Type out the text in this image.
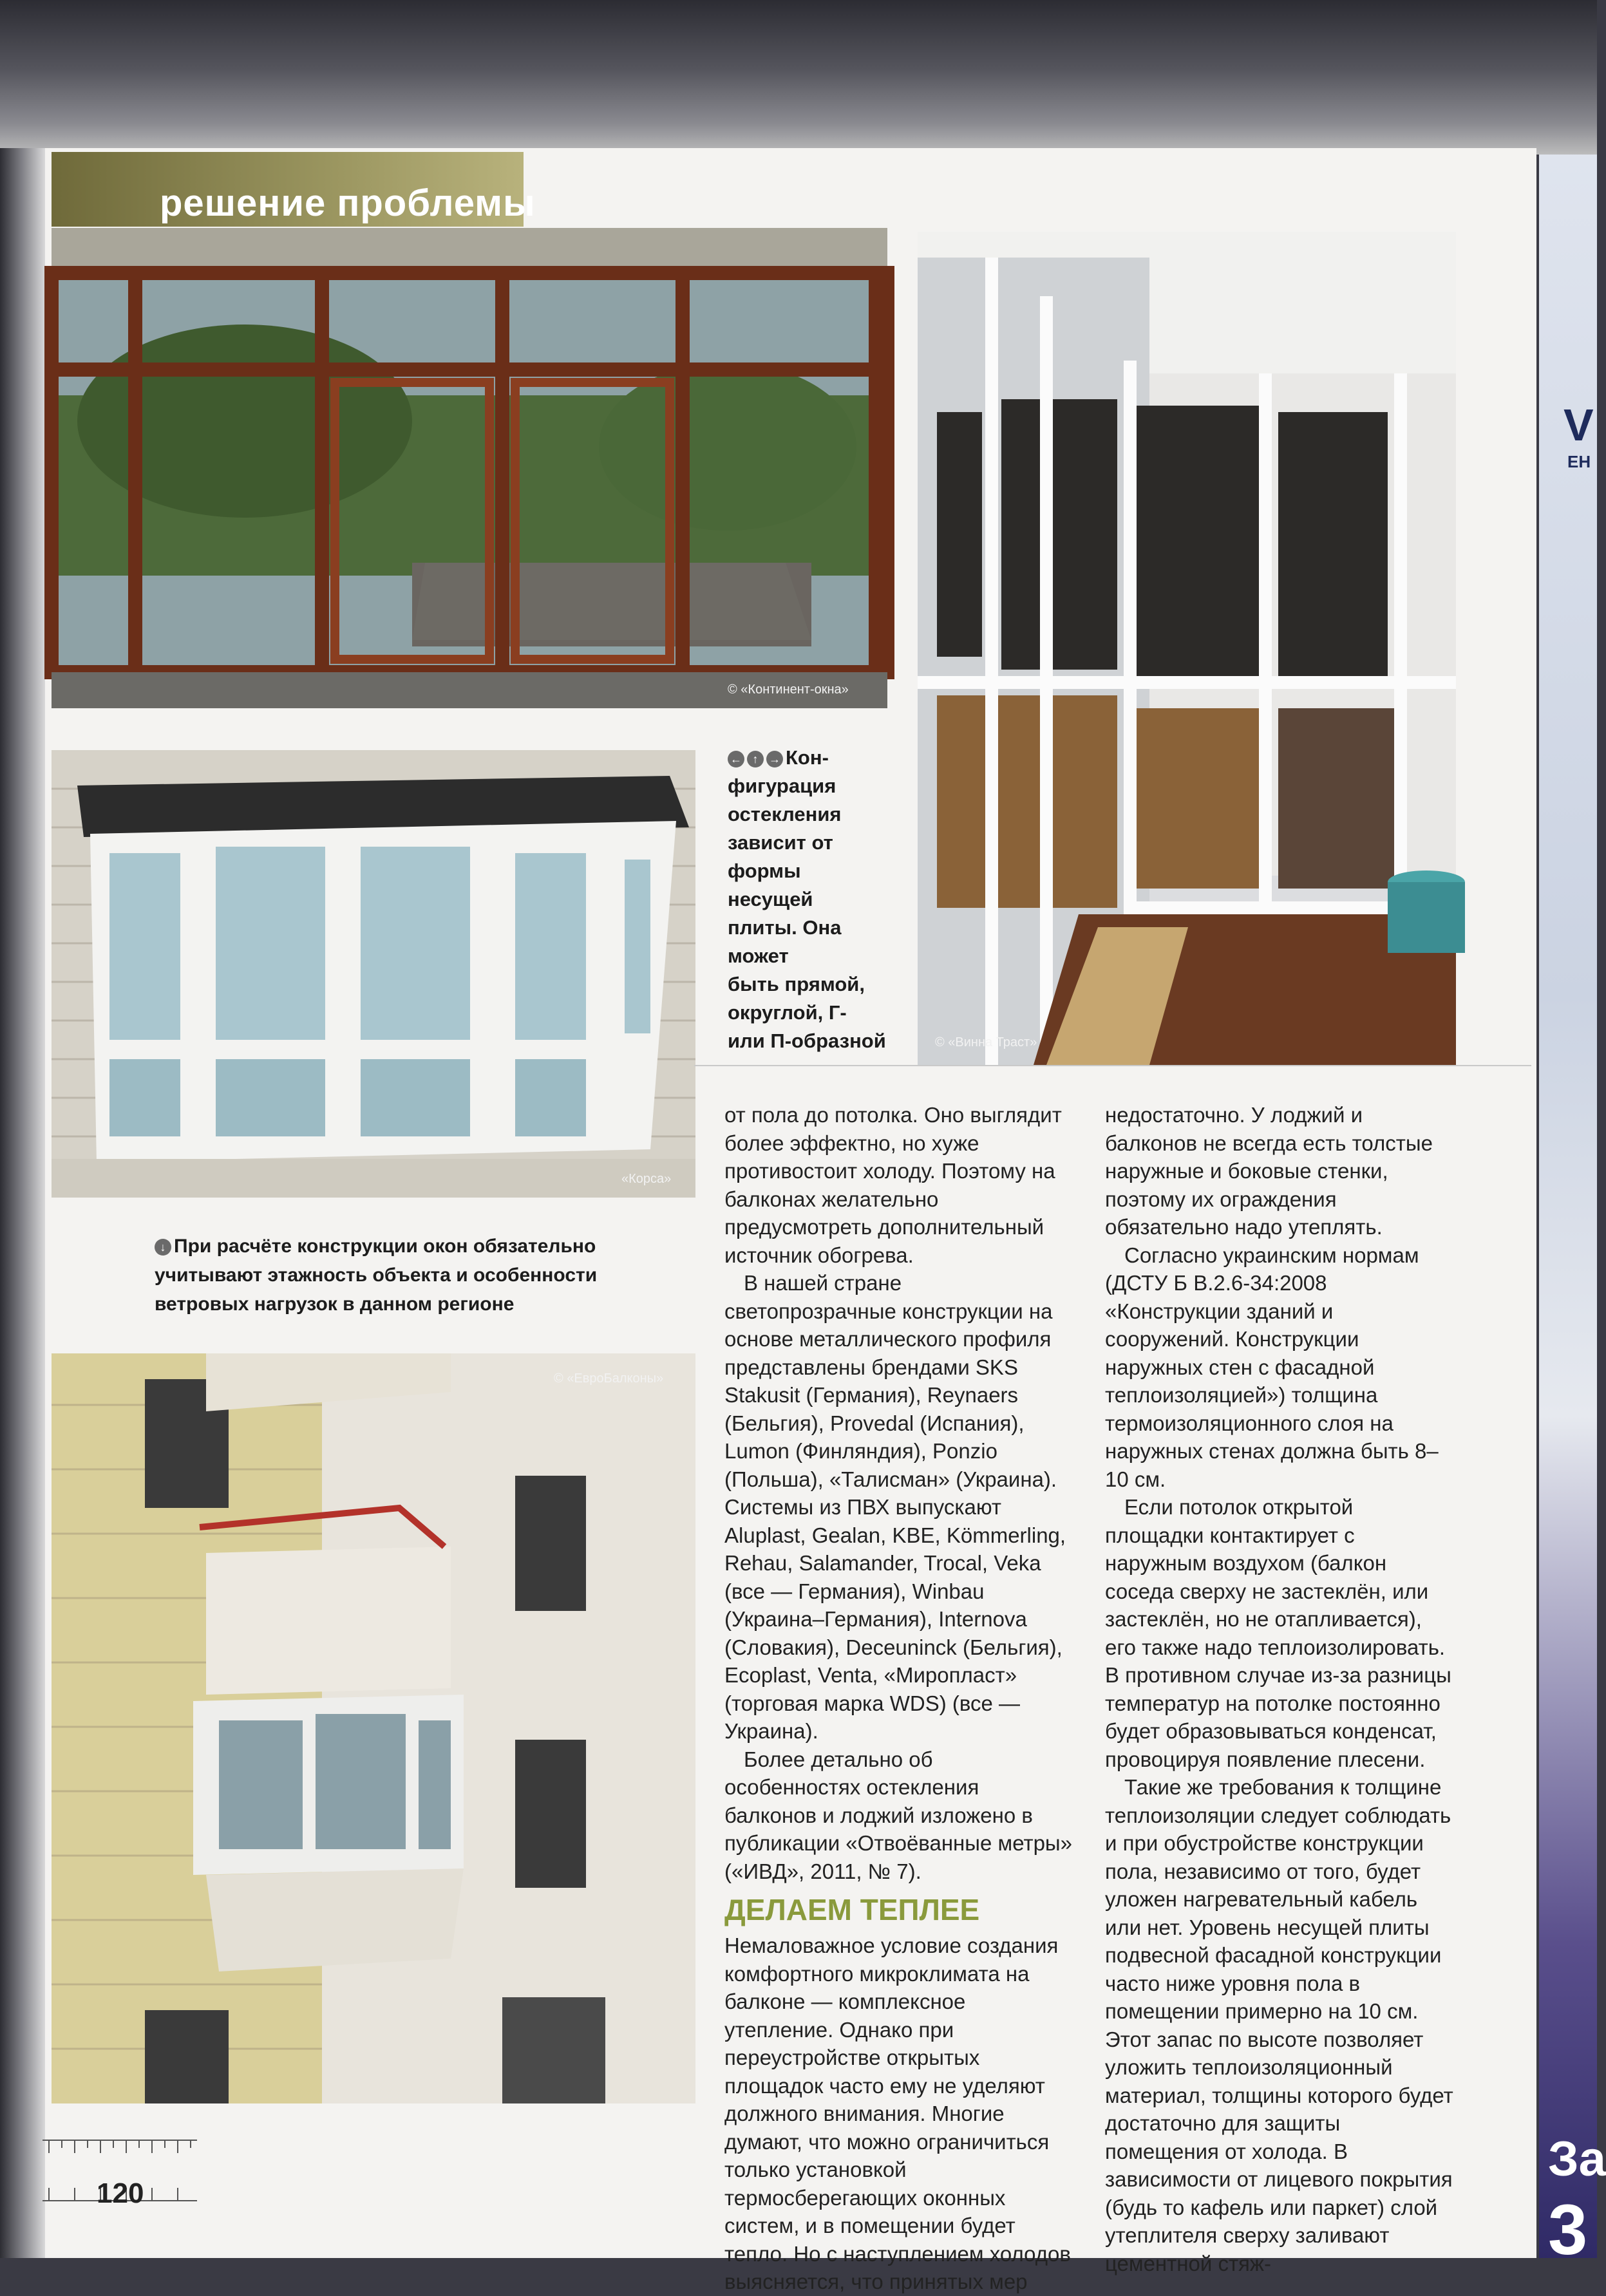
V
ЕН
За
3
решение проблемы
© «Континент-окна»
© «Винна Траст»
← ↑ → Кон-
фигурация
остекления
зависит от
формы
несущей
плиты. Она может
быть прямой,
округлой, Г-
или П-образной
«Корса»
↓ При расчёте конструкции окон обязательно
учитывают этажность объекта и особенности
ветровых нагрузок в данном регионе
© «ЕвроБалконы»

от пола до потолка. Оно выглядит более эффектно, но хуже противостоит холоду. Поэтому на балконах желательно предусмотреть дополнительный источник обогрева.

В нашей стране светопрозрачные конструкции на основе металлического профиля представлены брендами SKS Stakusit (Германия), Reynaers (Бельгия), Provedal (Испания), Lumon (Финляндия), Ponzio (Польша), «Талисман» (Украина). Системы из ПВХ выпускают Aluplast, Gealan, KBE, Kömmerling, Rehau, Salamander, Trocal, Veka (все — Германия), Winbau (Украина–Германия), Internova (Словакия), Deceuninck (Бельгия), Ecoplast, Venta, «Миропласт» (торговая марка WDS) (все — Украина).

Более детально об особенностях остекления балконов и лоджий изложено в публикации «Отвоёванные метры» («ИВД», 2011, № 7).

ДЕЛАЕМ ТЕПЛЕЕ

Немаловажное условие создания комфортного микроклимата на балконе — комплексное утепление. Однако при переустройстве открытых площадок часто ему не уделяют должного внимания. Многие думают, что можно ограничиться только установкой термосберегающих оконных систем, и в помещении будет тепло. Но с наступлением холодов выясняется, что принятых мер

недостаточно. У лоджий и балконов не всегда есть толстые наружные и боковые стенки, поэтому их ограждения обязательно надо утеплять.

Согласно украинским нормам (ДСТУ Б В.2.6-34:2008 «Конструкции зданий и сооружений. Конструкции наружных стен с фасадной теплоизоляцией») толщина термоизоляционного слоя на наружных стенах должна быть 8–10 см.

Если потолок открытой площадки контактирует с наружным воздухом (балкон соседа сверху не застеклён, или застеклён, но не отапливается), его также надо теплоизолировать. В противном случае из-за разницы температур на потолке постоянно будет образовываться конденсат, провоцируя появление плесени.

Такие же требования к толщине теплоизоляции следует соблюдать и при обустройстве конструкции пола, независимо от того, будет уложен нагревательный кабель или нет. Уровень несущей плиты подвесной фасадной конструкции часто ниже уровня пола в помещении примерно на 10 см. Этот запас по высоте позволяет уложить теплоизоляционный материал, толщины которого будет достаточно для защиты помещения от холода. В зависимости от лицевого покрытия (будь то кафель или паркет) слой утеплителя сверху заливают цементной стяж-

120
